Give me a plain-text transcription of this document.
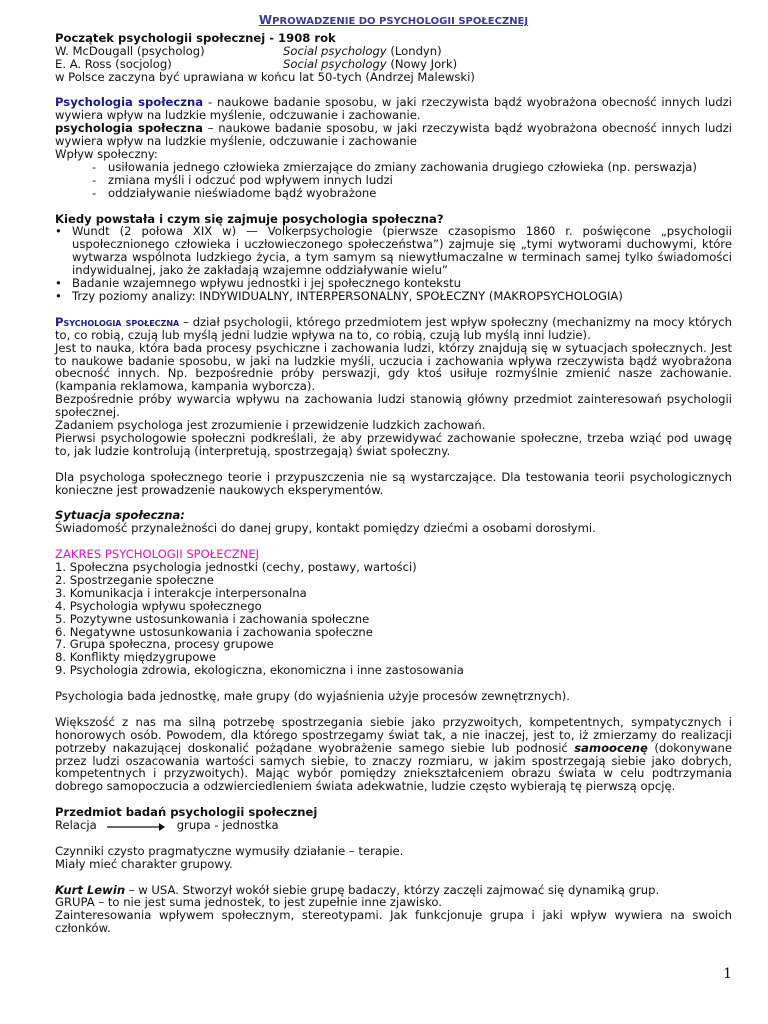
WPROWADZENIE DO PSYCHOLOGII SPOŁECZNEJ

Początek psychologii społecznej - 1908 rok

W. McDougall (psycholog)	Social psychology (Londyn)
E. A. Ross (socjolog)	Social psychology (Nowy Jork)

w Polsce zaczyna być uprawiana w końcu lat 50-tych (Andrzej Malewski)

Psychologia społeczna - naukowe badanie sposobu, w jaki rzeczywista bądź wyobrażona obecność innych ludzi wywiera wpływ na ludzkie myślenie, odczuwanie i zachowanie.

psychologia społeczna – naukowe badanie sposobu, w jaki rzeczywista bądź wyobrażona obecność innych ludzi wywiera wpływ na ludzkie myślenie, odczuwanie i zachowanie

Wpływ społeczny:

- usiłowania jednego człowieka zmierzające do zmiany zachowania drugiego człowieka (np. perswazja)
- zmiana myśli i odczuć pod wpływem innych ludzi
- oddziaływanie nieświadome bądź wyobrażone

Kiedy powstała i czym się zajmuje posychologia społeczna?

• Wundt (2 połowa XIX w) — Volkerpsychologie (pierwsze czasopismo 1860 r. poświęcone „psychologii uspołecznionego człowieka i uczłowieczonego społeczeństwa”) zajmuje się „tymi wytworami duchowymi, które wytwarza wspólnota ludzkiego życia, a tym samym są niewytłumaczalne w terminach samej tylko świadomości indywidualnej, jako że zakładają wzajemne oddziaływanie wielu”
• Badanie wzajemnego wpływu jednostki i jej społecznego kontekstu
• Trzy poziomy analizy: INDYWIDUALNY, INTERPERSONALNY, SPOŁECZNY (MAKROPSYCHOLOGIA)

Psychologia społeczna – dział psychologii, którego przedmiotem jest wpływ społeczny (mechanizmy na mocy których to, co robią, czują lub myślą jedni ludzie wpływa na to, co robią, czują lub myślą inni ludzie).

Jest to nauka, która bada procesy psychiczne i zachowania ludzi, którzy znajdują się w sytuacjach społecznych. Jest to naukowe badanie sposobu, w jaki na ludzkie myśli, uczucia i zachowania wpływa rzeczywista bądź wyobrażona obecność innych. Np. bezpośrednie próby perswazji, gdy ktoś usiłuje rozmyślnie zmienić nasze zachowanie. (kampania reklamowa, kampania wyborcza).

Bezpośrednie próby wywarcia wpływu na zachowania ludzi stanowią główny przedmiot zainteresowań psychologii społecznej.

Zadaniem psychologa jest zrozumienie i przewidzenie ludzkich zachowań.

Pierwsi psychologowie społeczni podkreślali, że aby przewidywać zachowanie społeczne, trzeba wziąć pod uwagę to, jak ludzie kontrolują (interpretują, spostrzegają) świat społeczny.

Dla psychologa społecznego teorie i przypuszczenia nie są wystarczające. Dla testowania teorii psychologicznych konieczne jest prowadzenie naukowych eksperymentów.

Sytuacja społeczna:

Świadomość przynależności do danej grupy, kontakt pomiędzy dziećmi a osobami dorosłymi.

ZAKRES PSYCHOLOGII SPOŁECZNEJ

1. Społeczna psychologia jednostki (cechy, postawy, wartości)
2. Spostrzeganie społeczne
3. Komunikacja i interakcje interpersonalna
4. Psychologia wpływu społecznego
5. Pozytywne ustosunkowania i zachowania społeczne
6. Negatywne ustosunkowania i zachowania społeczne
7. Grupa społeczna, procesy grupowe
8. Konflikty międzygrupowe
9. Psychologia zdrowia, ekologiczna, ekonomiczna i inne zastosowania

Psychologia bada jednostkę, małe grupy (do wyjaśnienia użyje procesów zewnętrznych).

Większość z nas ma silną potrzebę spostrzegania siebie jako przyzwoitych, kompetentnych, sympatycznych i honorowych osób. Powodem, dla którego spostrzegamy świat tak, a nie inaczej, jest to, iż zmierzamy do realizacji potrzeby nakazującej doskonalić pożądane wyobrażenie samego siebie lub podnosić samoocenę (dokonywane przez ludzi oszacowania wartości samych siebie, to znaczy rozmiaru, w jakim spostrzegają siebie jako dobrych, kompetentnych i przyzwoitych). Mając wybór pomiędzy zniekształceniem obrazu świata w celu podtrzymania dobrego samopoczucia a odzwierciedleniem świata adekwatnie, ludzie często wybierają tę pierwszą opcję.

Przedmiot badań psychologii społecznej

Relacja	grupa - jednostka

Czynniki czysto pragmatyczne wymusiły działanie – terapie.

Miały mieć charakter grupowy.

Kurt Lewin – w USA. Stworzył wokół siebie grupę badaczy, którzy zaczęli zajmować się dynamiką grup.

GRUPA – to nie jest suma jednostek, to jest zupełnie inne zjawisko.

Zainteresowania wpływem społecznym, stereotypami. Jak funkcjonuje grupa i jaki wpływ wywiera na swoich członków.

1
